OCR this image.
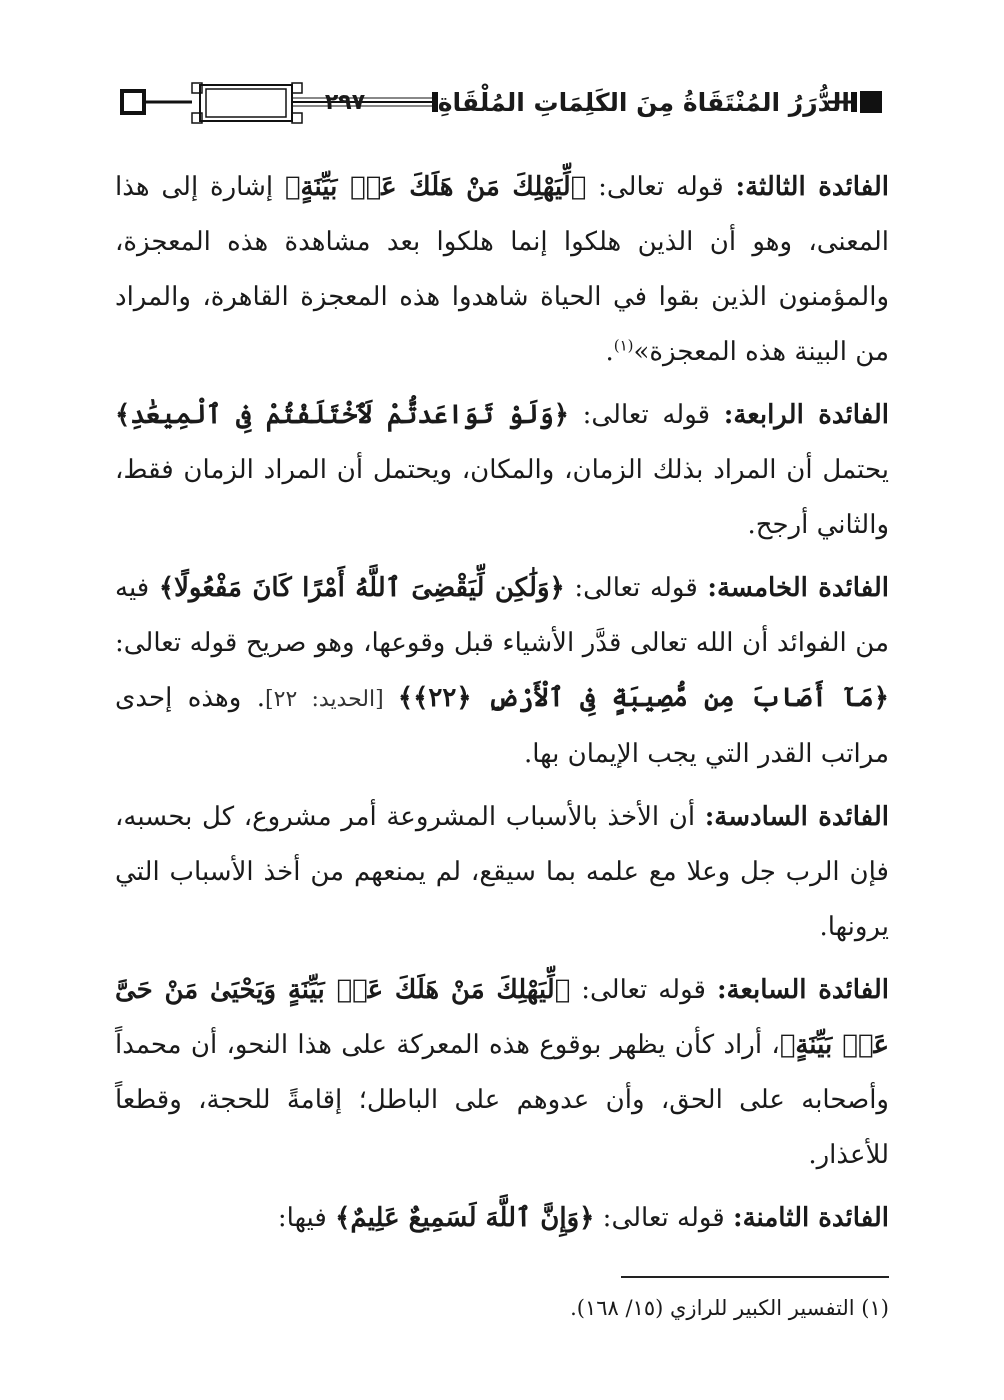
٢٩٧	الدُّرَرُ المُنْتَقَاةُ مِنَ الكَلِمَاتِ المُلْقَاةِ

الفائدة الثالثة: قوله تعالى: ﴿لِّيَهْلِكَ مَنْ هَلَكَ عَنۢ بَيِّنَةٍ﴾ إشارة إلى هذا المعنى، وهو أن الذين هلكوا إنما هلكوا بعد مشاهدة هذه المعجزة، والمؤمنون الذين بقوا في الحياة شاهدوا هذه المعجزة القاهرة، والمراد من البينة هذه المعجزة»$^{(١)}$.

الفائدة الرابعة: قوله تعالى: ﴿وَلَوْ تَوَاعَدتُّمْ لَٱخْتَلَفْتُمْ فِى ٱلْمِيعَٰدِ﴾ يحتمل أن المراد بذلك الزمان، والمكان، ويحتمل أن المراد الزمان فقط، والثاني أرجح.

الفائدة الخامسة: قوله تعالى: ﴿وَلَٰكِن لِّيَقْضِىَ ٱللَّهُ أَمْرًا كَانَ مَفْعُولًا﴾ فيه من الفوائد أن الله تعالى قدَّر الأشياء قبل وقوعها، وهو صريح قوله تعالى: ﴿مَآ أَصَابَ مِن مُّصِيبَةٍ فِى ٱلْأَرْضِ ﴿٢٢﴾﴾ [الحديد: ٢٢]. وهذه إحدى مراتب القدر التي يجب الإيمان بها.

الفائدة السادسة: أن الأخذ بالأسباب المشروعة أمر مشروع، كل بحسبه، فإن الرب جل وعلا مع علمه بما سيقع، لم يمنعهم من أخذ الأسباب التي يرونها.

الفائدة السابعة: قوله تعالى: ﴿لِّيَهْلِكَ مَنْ هَلَكَ عَنۢ بَيِّنَةٍ وَيَحْيَىٰ مَنْ حَىَّ عَنۢ بَيِّنَةٍ﴾، أراد كأن يظهر بوقوع هذه المعركة على هذا النحو، أن محمداً وأصحابه على الحق، وأن عدوهم على الباطل؛ إقامةً للحجة، وقطعاً للأعذار.

الفائدة الثامنة: قوله تعالى: ﴿وَإِنَّ ٱللَّهَ لَسَمِيعٌ عَلِيمٌ﴾ فيها:

(١) التفسير الكبير للرازي (١٥/ ١٦٨).
